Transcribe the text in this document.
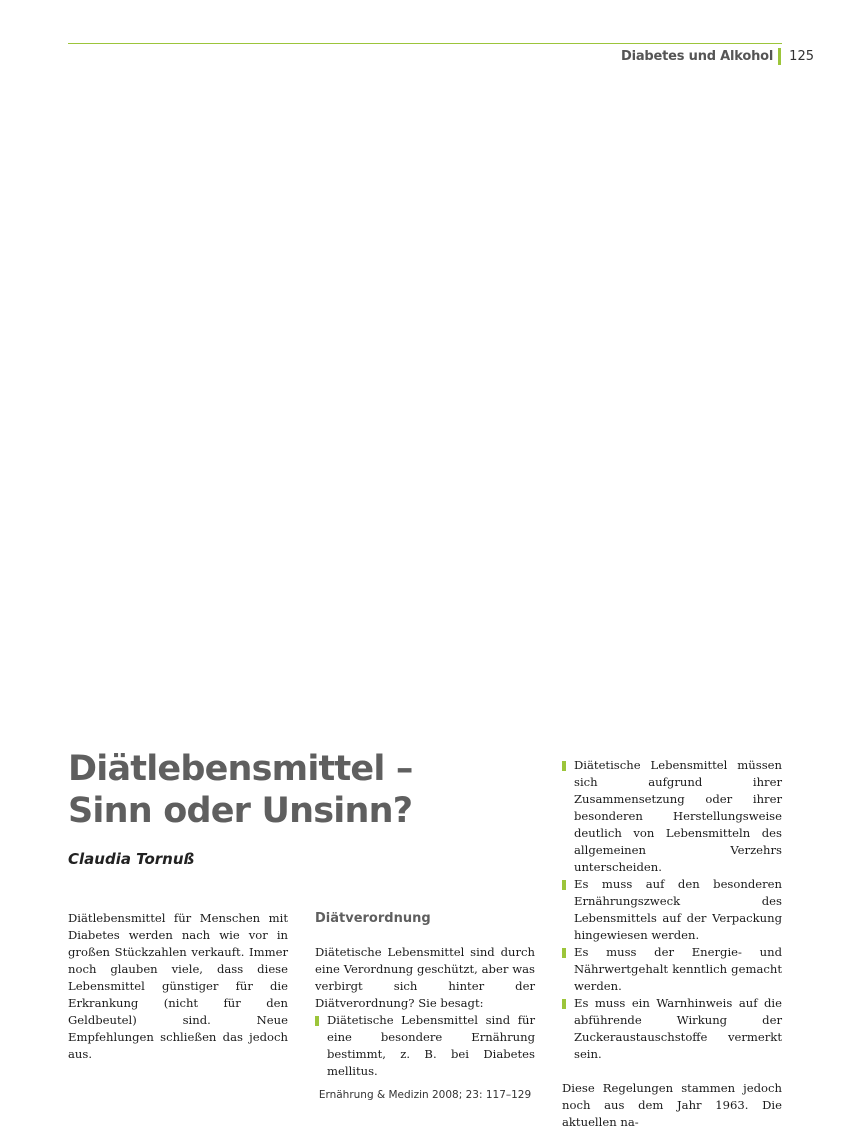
Diabetes und Alkohol 125
Diätlebensmittel –
Sinn oder Unsinn?
Claudia Tornuß

Diätlebensmittel für Menschen mit Diabetes werden nach wie vor in großen Stückzahlen verkauft. Immer noch glauben viele, dass diese Lebensmittel günstiger für die Erkrankung (nicht für den Geldbeutel) sind. Neue Empfehlungen schließen das jedoch aus.

Diätverordnung

Diätetische Lebensmittel sind durch eine Verordnung geschützt, aber was verbirgt sich hinter der Diätverordnung? Sie besagt:

Diätetische Lebensmittel sind für eine besondere Ernährung bestimmt, z. B. bei Diabetes mellitus.
Diätetische Lebensmittel müssen sich aufgrund ihrer Zusammensetzung oder ihrer besonderen Herstellungsweise deutlich von Lebensmitteln des allgemeinen Verzehrs unterscheiden.
Es muss auf den besonderen Ernährungszweck des Lebensmittels auf der Verpackung hingewiesen werden.
Es muss der Energie- und Nährwertgehalt kenntlich gemacht werden.
Es muss ein Warnhinweis auf die abführende Wirkung der Zuckeraustauschstoffe vermerkt sein.

Diese Regelungen stammen jedoch noch aus dem Jahr 1963. Die aktuellen na-

Ernährung & Medizin 2008; 23: 117–129
